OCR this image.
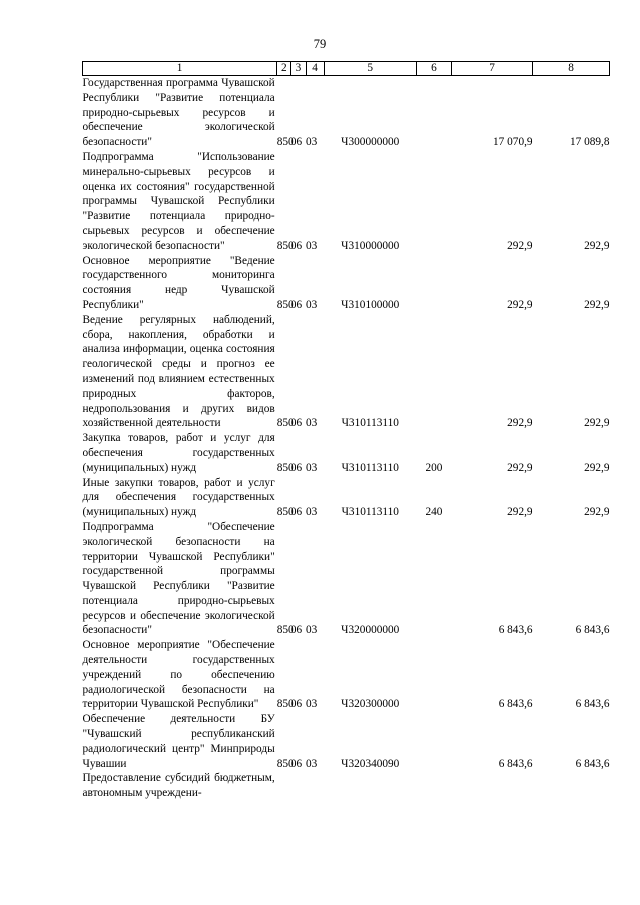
79
1	2	3	4	5	6	7	8
Государственная программа Чувашской Республики "Развитие потенциала природно-сырьевых ресурсов и обеспечение экологической безопасности"	850	06	03	Ч300000000		17 070,9	17 089,8
Подпрограмма "Использование минерально-сырьевых ресурсов и оценка их состояния" государственной программы Чувашской Республики "Развитие потенциала природно-сырьевых ресурсов и обеспечение экологической безопасности"	850	06	03	Ч310000000		292,9	292,9
Основное мероприятие "Ведение государственного мониторинга состояния недр Чувашской Республики"	850	06	03	Ч310100000		292,9	292,9
Ведение регулярных наблюдений, сбора, накопления, обработки и анализа информации, оценка состояния геологической среды и прогноз ее изменений под влиянием естественных природных факторов, недропользования и других видов хозяйственной деятельности	850	06	03	Ч310113110		292,9	292,9
Закупка товаров, работ и услуг для обеспечения государственных (муниципальных) нужд	850	06	03	Ч310113110	200	292,9	292,9
Иные закупки товаров, работ и услуг для обеспечения государственных (муниципальных) нужд	850	06	03	Ч310113110	240	292,9	292,9
Подпрограмма "Обеспечение экологической безопасности на территории Чувашской Республики" государственной программы Чувашской Республики "Развитие потенциала природно-сырьевых ресурсов и обеспечение экологической безопасности"	850	06	03	Ч320000000		6 843,6	6 843,6
Основное мероприятие "Обеспечение деятельности государственных учреждений по обеспечению радиологической безопасности на территории Чувашской Республики"	850	06	03	Ч320300000		6 843,6	6 843,6
Обеспечение деятельности БУ "Чувашский республиканский радиологический центр" Минприроды Чувашии	850	06	03	Ч320340090		6 843,6	6 843,6
Предоставление субсидий бюджетным, автономным учреждени-							
